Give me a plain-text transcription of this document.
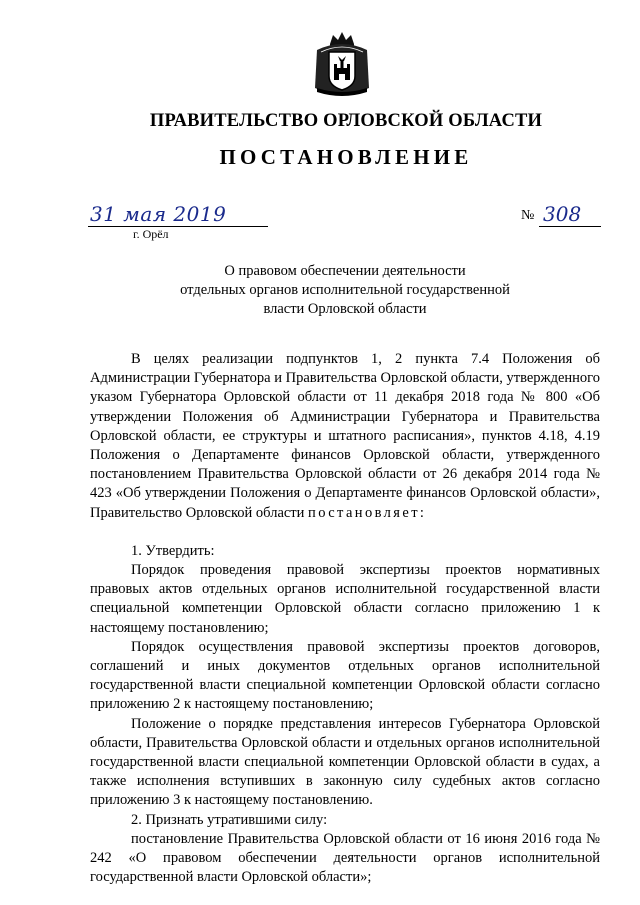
ПРАВИТЕЛЬСТВО ОРЛОВСКОЙ ОБЛАСТИ
ПОСТАНОВЛЕНИЕ
31 мая 2019
г. Орёл
№ 308
О правовом обеспечении деятельности
отдельных органов исполнительной государственной
власти Орловской области

В целях реализации подпунктов 1, 2 пункта 7.4 Положения об Администрации Губернатора и Правительства Орловской области, утвержденного указом Губернатора Орловской области от 11 декабря 2018 года № 800 «Об утверждении Положения об Администрации Губернатора и Правительства Орловской области, ее структуры и штатного расписания», пунктов 4.18, 4.19 Положения о Департаменте финансов Орловской области, утвержденного постановлением Правительства Орловской области от 26 декабря 2014 года № 423 «Об утверждении Положения о Департаменте финансов Орловской области», Правительство Орловской области постановляет:

1. Утвердить:

Порядок проведения правовой экспертизы проектов нормативных правовых актов отдельных органов исполнительной государственной власти специальной компетенции Орловской области согласно приложению 1 к настоящему постановлению;

Порядок осуществления правовой экспертизы проектов договоров, соглашений и иных документов отдельных органов исполнительной государственной власти специальной компетенции Орловской области согласно приложению 2 к настоящему постановлению;

Положение о порядке представления интересов Губернатора Орловской области, Правительства Орловской области и отдельных органов исполнительной государственной власти специальной компетенции Орловской области в судах, а также исполнения вступивших в законную силу судебных актов согласно приложению 3 к настоящему постановлению.

2. Признать утратившими силу:

постановление Правительства Орловской области от 16 июня 2016 года № 242 «О правовом обеспечении деятельности органов исполнительной государственной власти Орловской области»;
